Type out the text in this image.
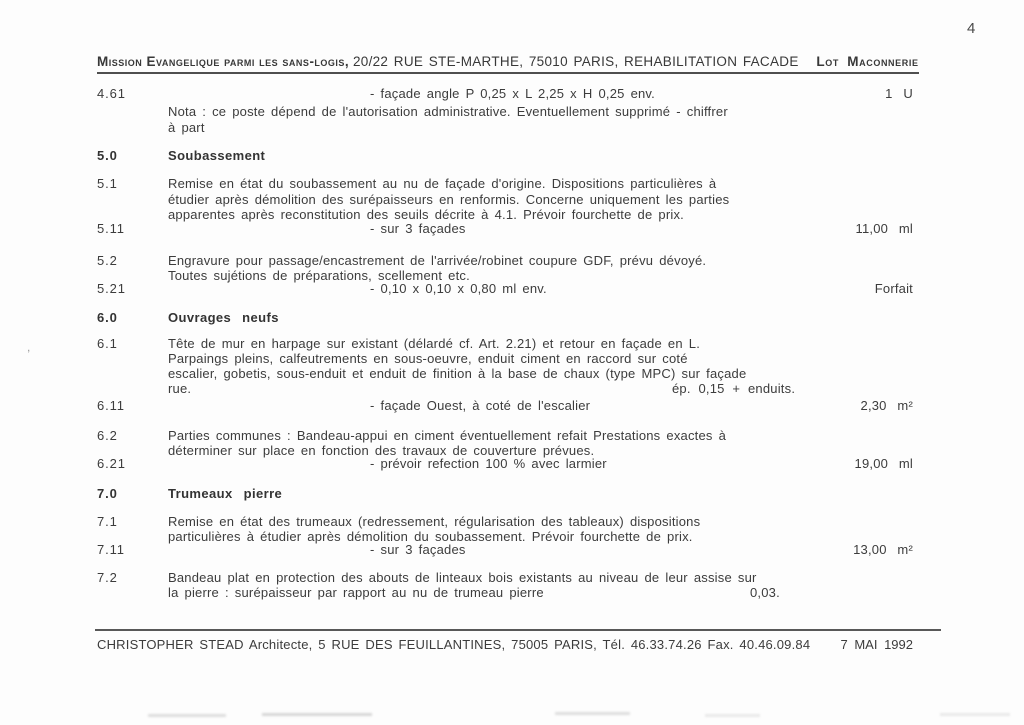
4
Mission Evangelique parmi les sans-logis, 20/22 RUE STE-MARTHE, 75010 PARIS, REHABILITATION FACADE Lot Maconnerie
4.61	- façade angle P 0,25 x L 2,25 x H 0,25 env.	1 U
Nota : ce poste dépend de l'autorisation administrative. Eventuellement supprimé - chiffrer
à part
5.0	Soubassement
5.1	Remise en état du soubassement au nu de façade d'origine. Dispositions particulières à
étudier après démolition des surépaisseurs en renformis. Concerne uniquement les parties
apparentes après reconstitution des seuils décrite à 4.1. Prévoir fourchette de prix.
5.11	- sur 3 façades	11,00 ml
5.2	Engravure pour passage/encastrement de l'arrivée/robinet coupure GDF, prévu dévoyé.
Toutes sujétions de préparations, scellement etc.
5.21	- 0,10 x 0,10 x 0,80 ml env.	Forfait
6.0	Ouvrages neufs
6.1	Tête de mur en harpage sur existant (délardé cf. Art. 2.21) et retour en façade en L.
Parpaings pleins, calfeutrements en sous-oeuvre, enduit ciment en raccord sur coté
escalier, gobetis, sous-enduit et enduit de finition à la base de chaux (type MPC) sur façade
rue.	ép. 0,15 + enduits.
6.11	- façade Ouest, à coté de l'escalier	2,30 m²
6.2	Parties communes : Bandeau-appui en ciment éventuellement refait Prestations exactes à
déterminer sur place en fonction des travaux de couverture prévues.
6.21	- prévoir refection 100 % avec larmier	19,00 ml
7.0	Trumeaux pierre
7.1	Remise en état des trumeaux (redressement, régularisation des tableaux) dispositions
particulières à étudier après démolition du soubassement. Prévoir fourchette de prix.
7.11	- sur 3 façades	13,00 m²
7.2	Bandeau plat en protection des abouts de linteaux bois existants au niveau de leur assise sur
la pierre : surépaisseur par rapport au nu de trumeau pierre	0,03.
CHRISTOPHER STEAD Architecte, 5 RUE DES FEUILLANTINES, 75005 PARIS, Tél. 46.33.74.26 Fax. 40.46.09.84 7 MAI 1992
,
